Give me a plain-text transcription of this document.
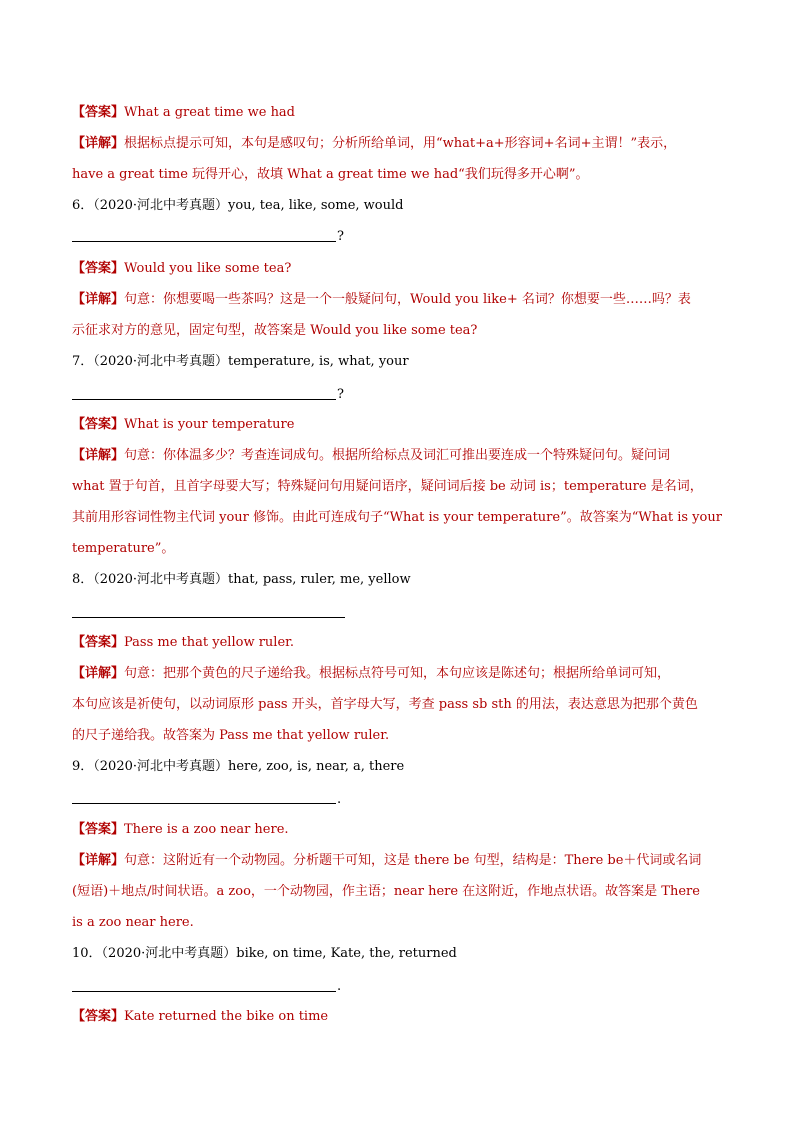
【答案】What a great time we had
【详解】根据标点提示可知，本句是感叹句；分析所给单词，用“what+a+形容词+名词+主谓！”表示，
have a great time 玩得开心，故填 What a great time we had“我们玩得多开心啊”。
6．（2020·河北中考真题）you, tea, like, some, would
?
【答案】Would you like some tea?
【详解】句意：你想要喝一些茶吗？这是一个一般疑问句，Would you like+ 名词？你想要一些……吗？表
示征求对方的意见，固定句型，故答案是 Would you like some tea?
7．（2020·河北中考真题）temperature, is, what, your
?
【答案】What is your temperature
【详解】句意：你体温多少？考查连词成句。根据所给标点及词汇可推出要连成一个特殊疑问句。疑问词
what 置于句首，且首字母要大写；特殊疑问句用疑问语序，疑问词后接 be 动词 is；temperature 是名词，
其前用形容词性物主代词 your 修饰。由此可连成句子“What is your temperature”。故答案为“What is your
temperature”。
8．（2020·河北中考真题）that, pass, ruler, me, yellow
【答案】Pass me that yellow ruler.
【详解】句意：把那个黄色的尺子递给我。根据标点符号可知，本句应该是陈述句；根据所给单词可知，
本句应该是祈使句，以动词原形 pass 开头，首字母大写，考查 pass sb sth 的用法，表达意思为把那个黄色
的尺子递给我。故答案为 Pass me that yellow ruler.
9．（2020·河北中考真题）here, zoo, is, near, a, there
.
【答案】There is a zoo near here.
【详解】句意：这附近有一个动物园。分析题干可知，这是 there be 句型，结构是：There be＋代词或名词
(短语)＋地点/时间状语。a zoo，一个动物园，作主语；near here 在这附近，作地点状语。故答案是 There
is a zoo near here.
10．（2020·河北中考真题）bike, on time, Kate, the, returned
.
【答案】Kate returned the bike on time
